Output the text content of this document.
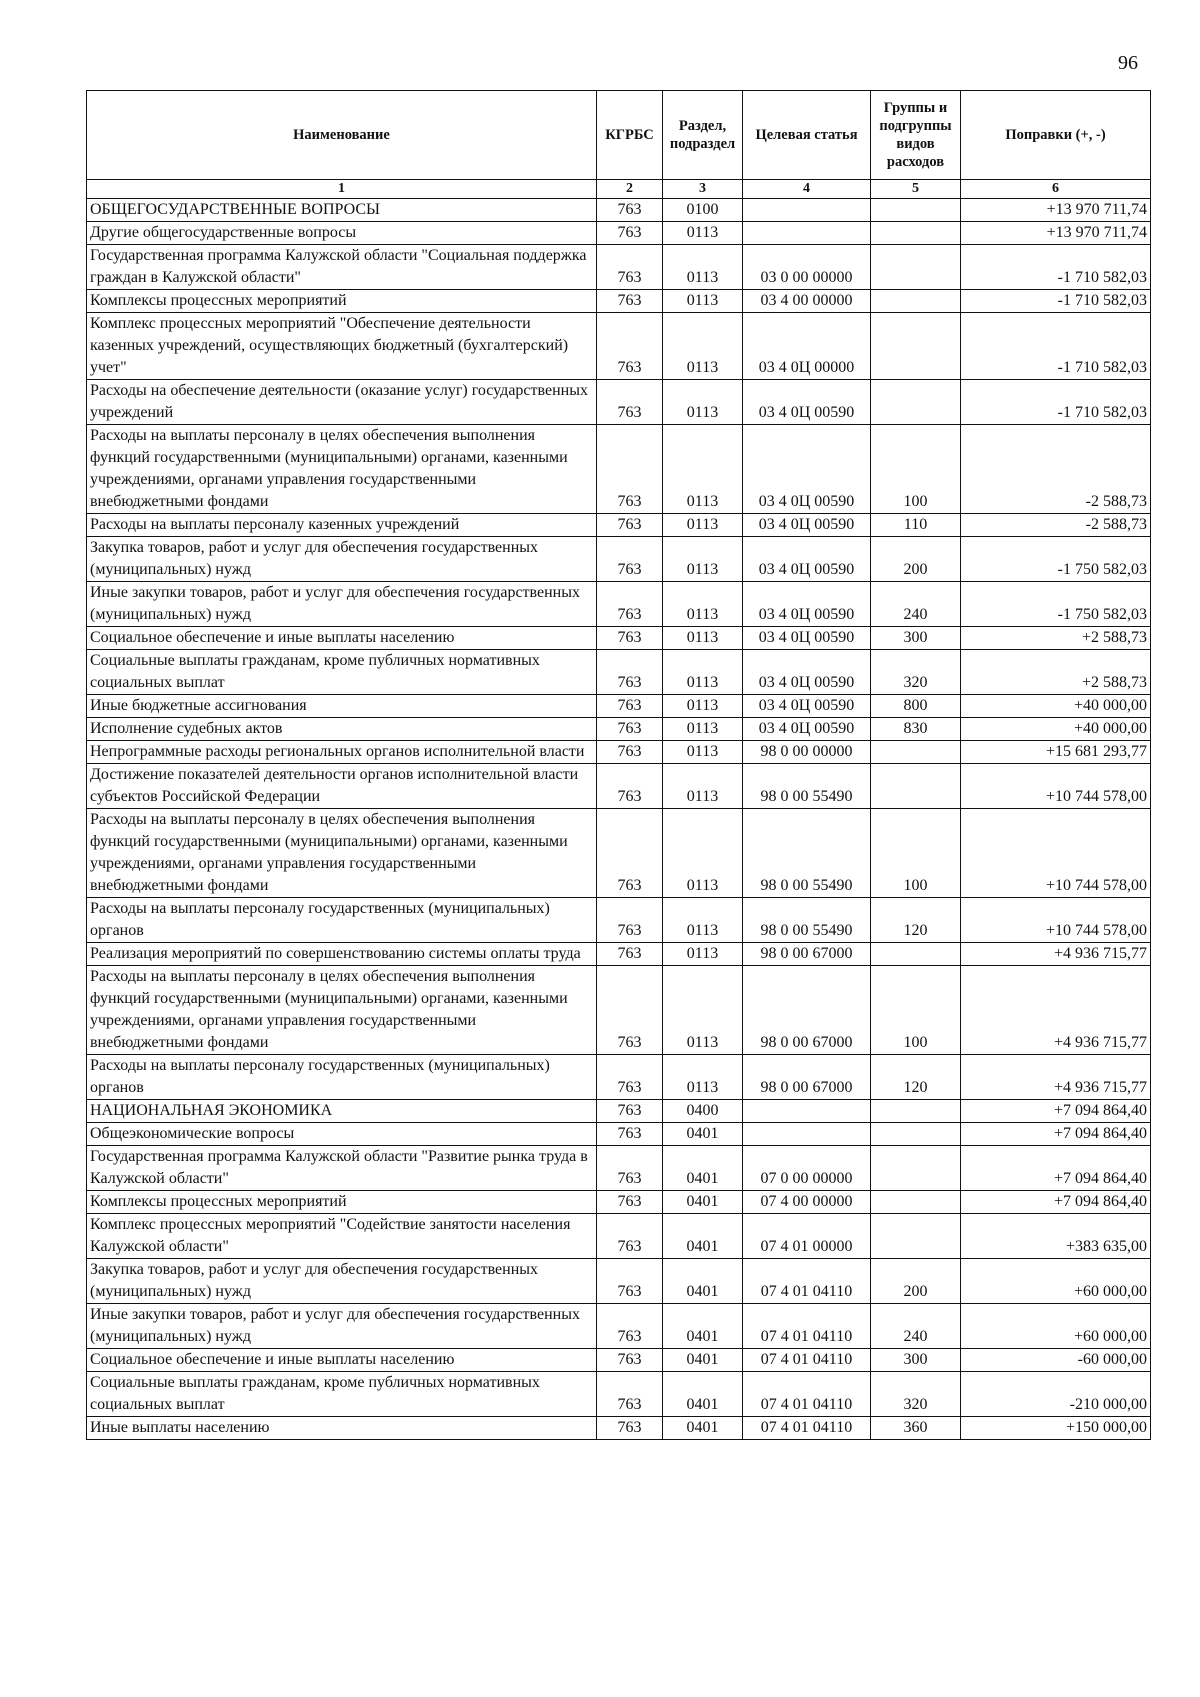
96
Наименование	КГРБС	Раздел, подраздел	Целевая статья	Группы и подгруппы видов расходов	Поправки (+, -)
1	2	3	4	5	6
ОБЩЕГОСУДАРСТВЕННЫЕ ВОПРОСЫ	763	0100			+13 970 711,74
Другие общегосударственные вопросы	763	0113			+13 970 711,74
Государственная программа Калужской области "Социальная поддержка граждан в Калужской области"	763	0113	03 0 00 00000		-1 710 582,03
Комплексы процессных мероприятий	763	0113	03 4 00 00000		-1 710 582,03
Комплекс процессных мероприятий "Обеспечение деятельности казенных учреждений, осуществляющих бюджетный (бухгалтерский) учет"	763	0113	03 4 0Ц 00000		-1 710 582,03
Расходы на обеспечение деятельности (оказание услуг) государственных учреждений	763	0113	03 4 0Ц 00590		-1 710 582,03
Расходы на выплаты персоналу в целях обеспечения выполнения функций государственными (муниципальными) органами, казенными учреждениями, органами управления государственными внебюджетными фондами	763	0113	03 4 0Ц 00590	100	-2 588,73
Расходы на выплаты персоналу казенных учреждений	763	0113	03 4 0Ц 00590	110	-2 588,73
Закупка товаров, работ и услуг для обеспечения государственных (муниципальных) нужд	763	0113	03 4 0Ц 00590	200	-1 750 582,03
Иные закупки товаров, работ и услуг для обеспечения государственных (муниципальных) нужд	763	0113	03 4 0Ц 00590	240	-1 750 582,03
Социальное обеспечение и иные выплаты населению	763	0113	03 4 0Ц 00590	300	+2 588,73
Социальные выплаты гражданам, кроме публичных нормативных социальных выплат	763	0113	03 4 0Ц 00590	320	+2 588,73
Иные бюджетные ассигнования	763	0113	03 4 0Ц 00590	800	+40 000,00
Исполнение судебных актов	763	0113	03 4 0Ц 00590	830	+40 000,00
Непрограммные расходы региональных органов исполнительной власти	763	0113	98 0 00 00000		+15 681 293,77
Достижение показателей деятельности органов исполнительной власти субъектов Российской Федерации	763	0113	98 0 00 55490		+10 744 578,00
Расходы на выплаты персоналу в целях обеспечения выполнения функций государственными (муниципальными) органами, казенными учреждениями, органами управления государственными внебюджетными фондами	763	0113	98 0 00 55490	100	+10 744 578,00
Расходы на выплаты персоналу государственных (муниципальных) органов	763	0113	98 0 00 55490	120	+10 744 578,00
Реализация мероприятий по совершенствованию системы оплаты труда	763	0113	98 0 00 67000		+4 936 715,77
Расходы на выплаты персоналу в целях обеспечения выполнения функций государственными (муниципальными) органами, казенными учреждениями, органами управления государственными внебюджетными фондами	763	0113	98 0 00 67000	100	+4 936 715,77
Расходы на выплаты персоналу государственных (муниципальных) органов	763	0113	98 0 00 67000	120	+4 936 715,77
НАЦИОНАЛЬНАЯ ЭКОНОМИКА	763	0400			+7 094 864,40
Общеэкономические вопросы	763	0401			+7 094 864,40
Государственная программа Калужской области "Развитие рынка труда в Калужской области"	763	0401	07 0 00 00000		+7 094 864,40
Комплексы процессных мероприятий	763	0401	07 4 00 00000		+7 094 864,40
Комплекс процессных мероприятий "Содействие занятости населения Калужской области"	763	0401	07 4 01 00000		+383 635,00
Закупка товаров, работ и услуг для обеспечения государственных (муниципальных) нужд	763	0401	07 4 01 04110	200	+60 000,00
Иные закупки товаров, работ и услуг для обеспечения государственных (муниципальных) нужд	763	0401	07 4 01 04110	240	+60 000,00
Социальное обеспечение и иные выплаты населению	763	0401	07 4 01 04110	300	-60 000,00
Социальные выплаты гражданам, кроме публичных нормативных социальных выплат	763	0401	07 4 01 04110	320	-210 000,00
Иные выплаты населению	763	0401	07 4 01 04110	360	+150 000,00
